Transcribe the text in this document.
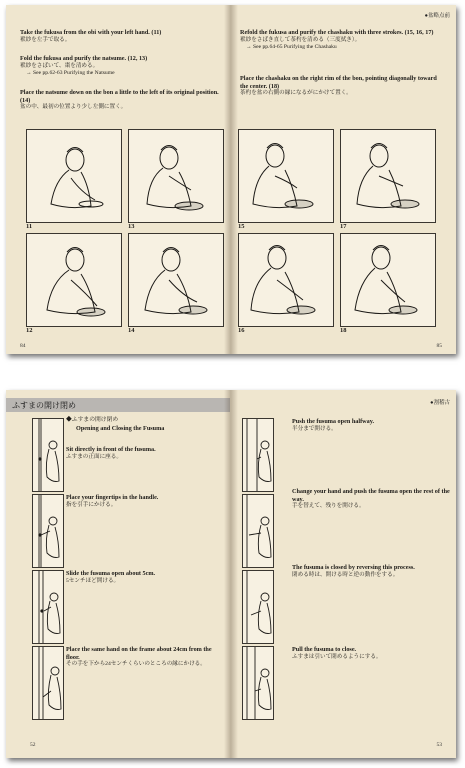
Take the fukusa from the obi with your left hand. (11)
袱紗を左手で取る。
Fold the fukusa and purify the natsume. (12, 13)
袱紗をさばいて、棗を清める。
→ See pp.62-63 Purifying the Natsume
Place the natsume down on the bon a little to the left of its original position. (14)
盆の中、最初の位置より少し左側に置く。
11	13
12	14
84
●盆略点前
Refold the fukusa and purify the chashaku with three strokes. (15, 16, 17)
袱紗をさばき直して茶杓を清める（三度拭き）。
→ See pp.64-65 Purifying the Chashaku
Place the chashaku on the right rim of the bon, pointing diagonally toward the center. (18)
茶杓を盆の右側の縁になるがにかけて置く。
15	17
16	18
85
ふすまの開け閉め
◆ふすまの開け閉め
Opening and Closing the Fusuma
Sit directly in front of the fusuma.
ふすまの正面に座る。
Place your fingertips in the handle.
指を引手にかける。
Slide the fusuma open about 5cm.
5センチほど開ける。
Place the same hand on the frame about 24cm from the floor.
その手を下から24センチくらいのところの縁にかける。
52
●割稽古
Push the fusuma open halfway.
半分まで開ける。
Change your hand and push the fusuma open the rest of the way.
手を替えて、残りを開ける。
The fusuma is closed by reversing this process.
閉める時は、開ける時と逆の動作をする。
Pull the fusuma to close.
ふすまは引いて閉めるようにする。
53
